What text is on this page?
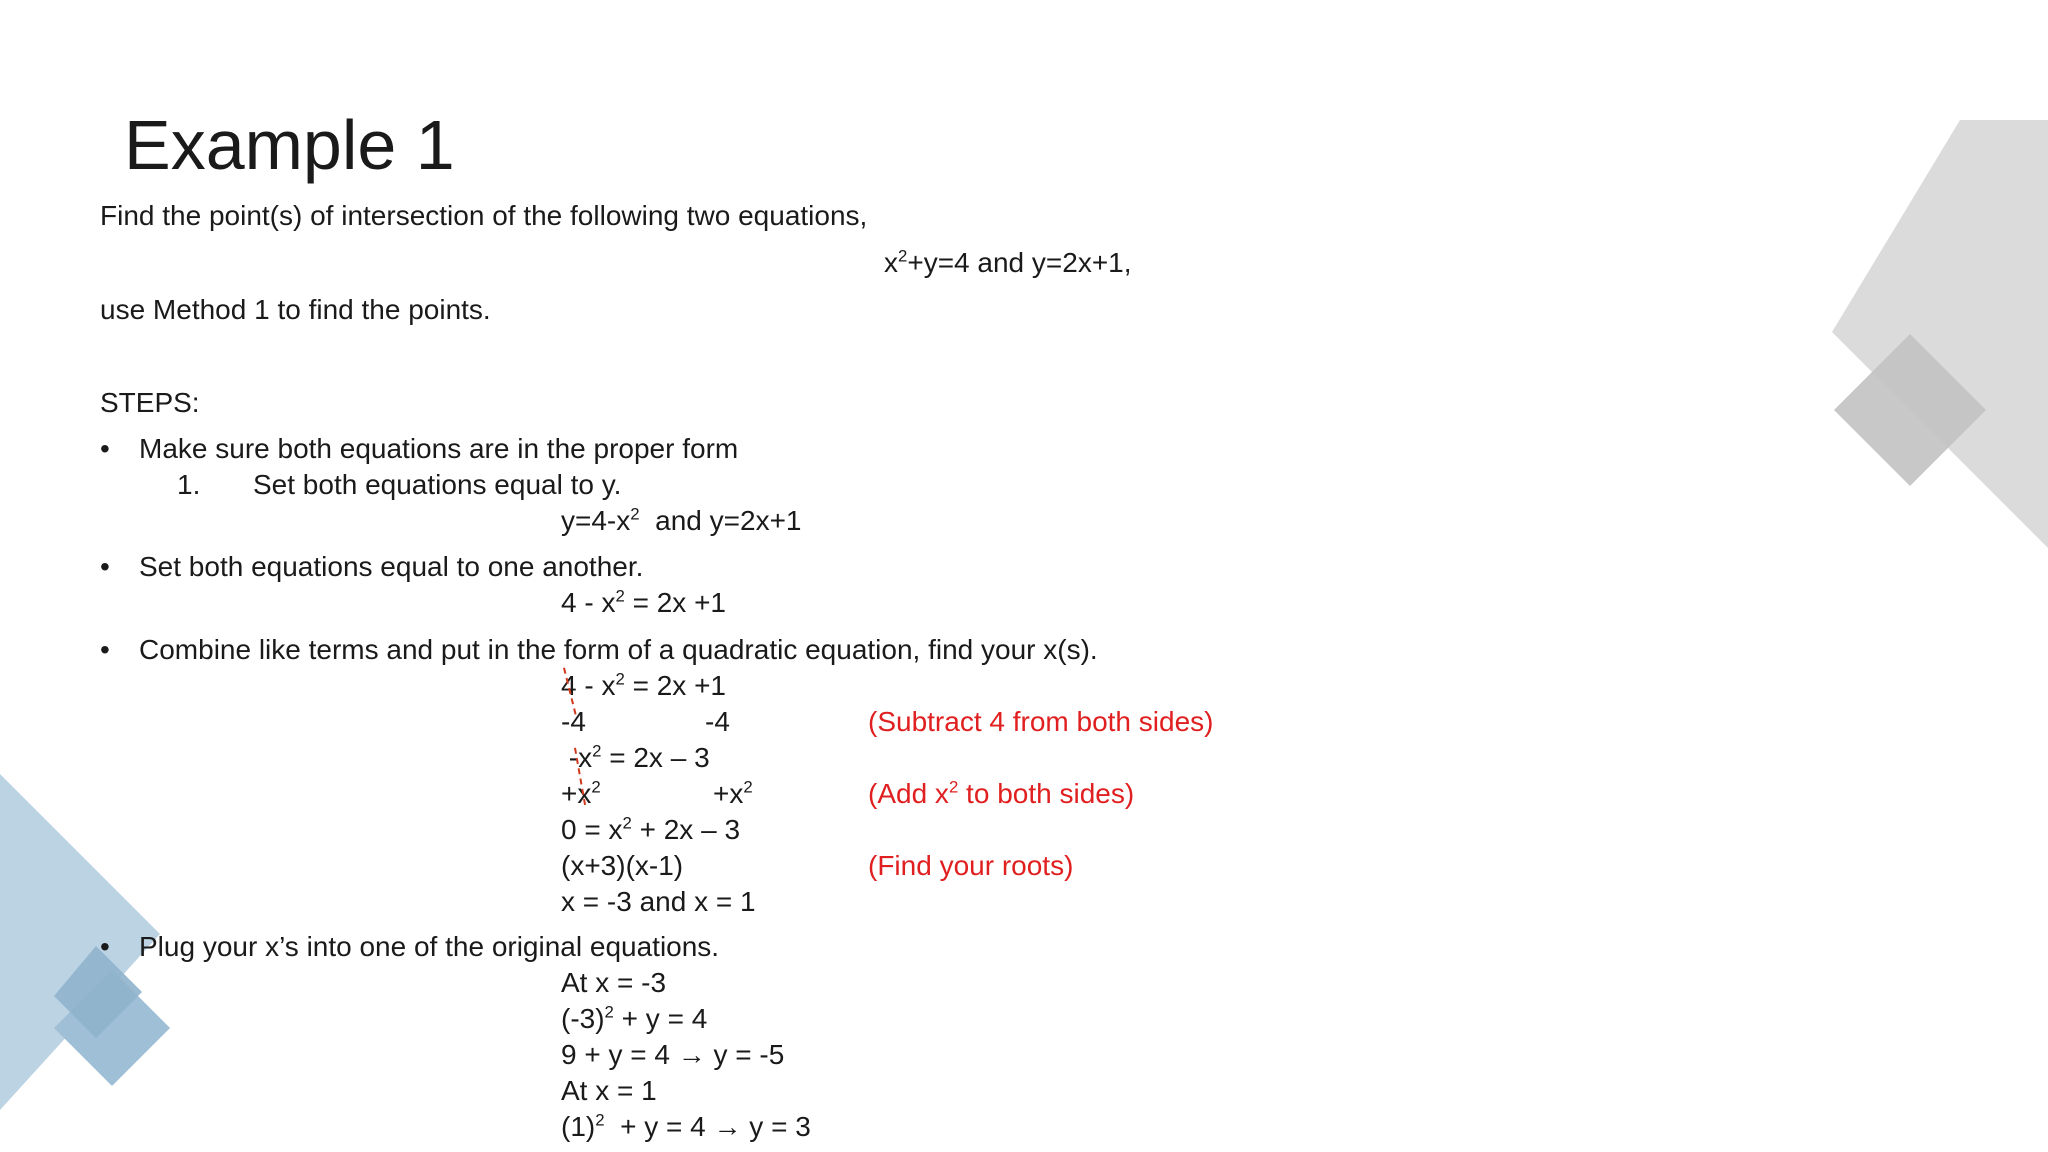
Example 1
Find the point(s) of intersection of the following two equations,
$x^2+y=4$ and y=2x+1,
use Method 1 to find the points.
STEPS:
• Make sure both equations are in the proper form
1. Set both equations equal to y.
$y=4-x^2$  and y=2x+1
• Set both equations equal to one another.
$4 - x^2 = 2x +1$
• Combine like terms and put in the form of a quadratic equation, find your x(s).
$4 - x^2 = 2x +1$
-4	-4	(Subtract 4 from both sides)
$-x^2 = 2x - 3$
$+x^2$	$+x^2$	(Add $x^2$ to both sides)
$0 = x^2 + 2x - 3$
(x+3)(x-1)	(Find your roots)
x = -3 and x = 1
• Plug your x’s into one of the original equations.
At x = -3
$(-3)^2 + y = 4$
9 + y = 4 → y = -5
At x = 1
$(1)^2 + y = 4 \to y = 3$
